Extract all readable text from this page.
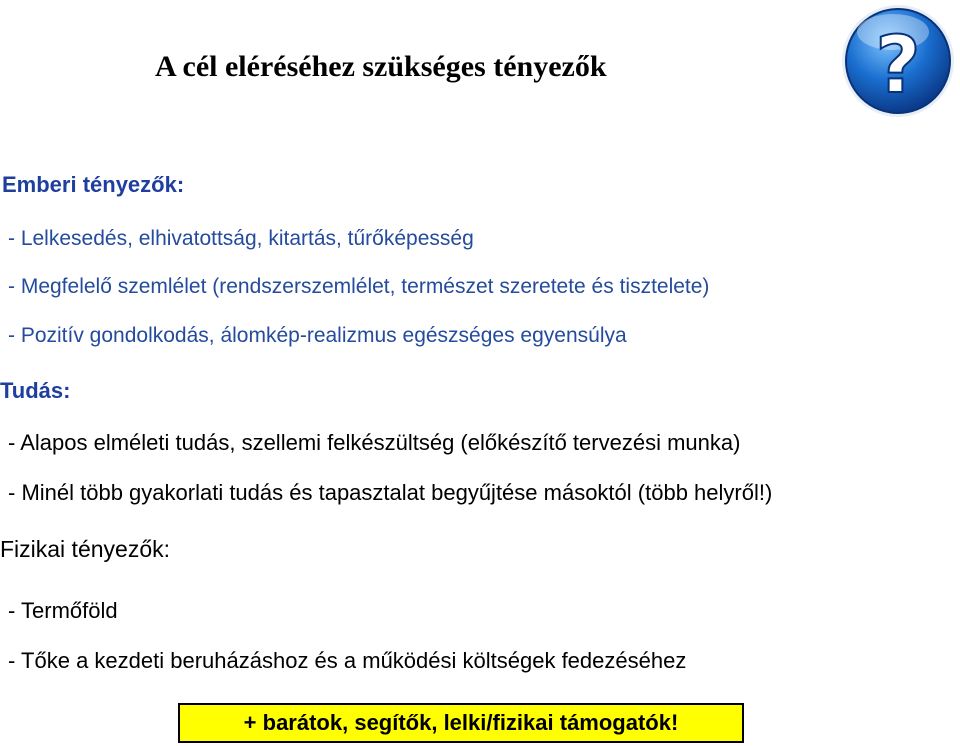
A cél eléréséhez szükséges tényezők	?
Emberi tényezők:
- Lelkesedés, elhivatottság, kitartás, tűrőképesség
- Megfelelő szemlélet (rendszerszemlélet, természet szeretete és tisztelete)
- Pozitív gondolkodás, álomkép-realizmus egészséges egyensúlya
Tudás:
- Alapos elméleti tudás, szellemi felkészültség (előkészítő tervezési munka)
- Minél több gyakorlati tudás és tapasztalat begyűjtése másoktól (több helyről!)
Fizikai tényezők:
- Termőföld
- Tőke a kezdeti beruházáshoz és a működési költségek fedezéséhez
+ barátok, segítők, lelki/fizikai támogatók!
